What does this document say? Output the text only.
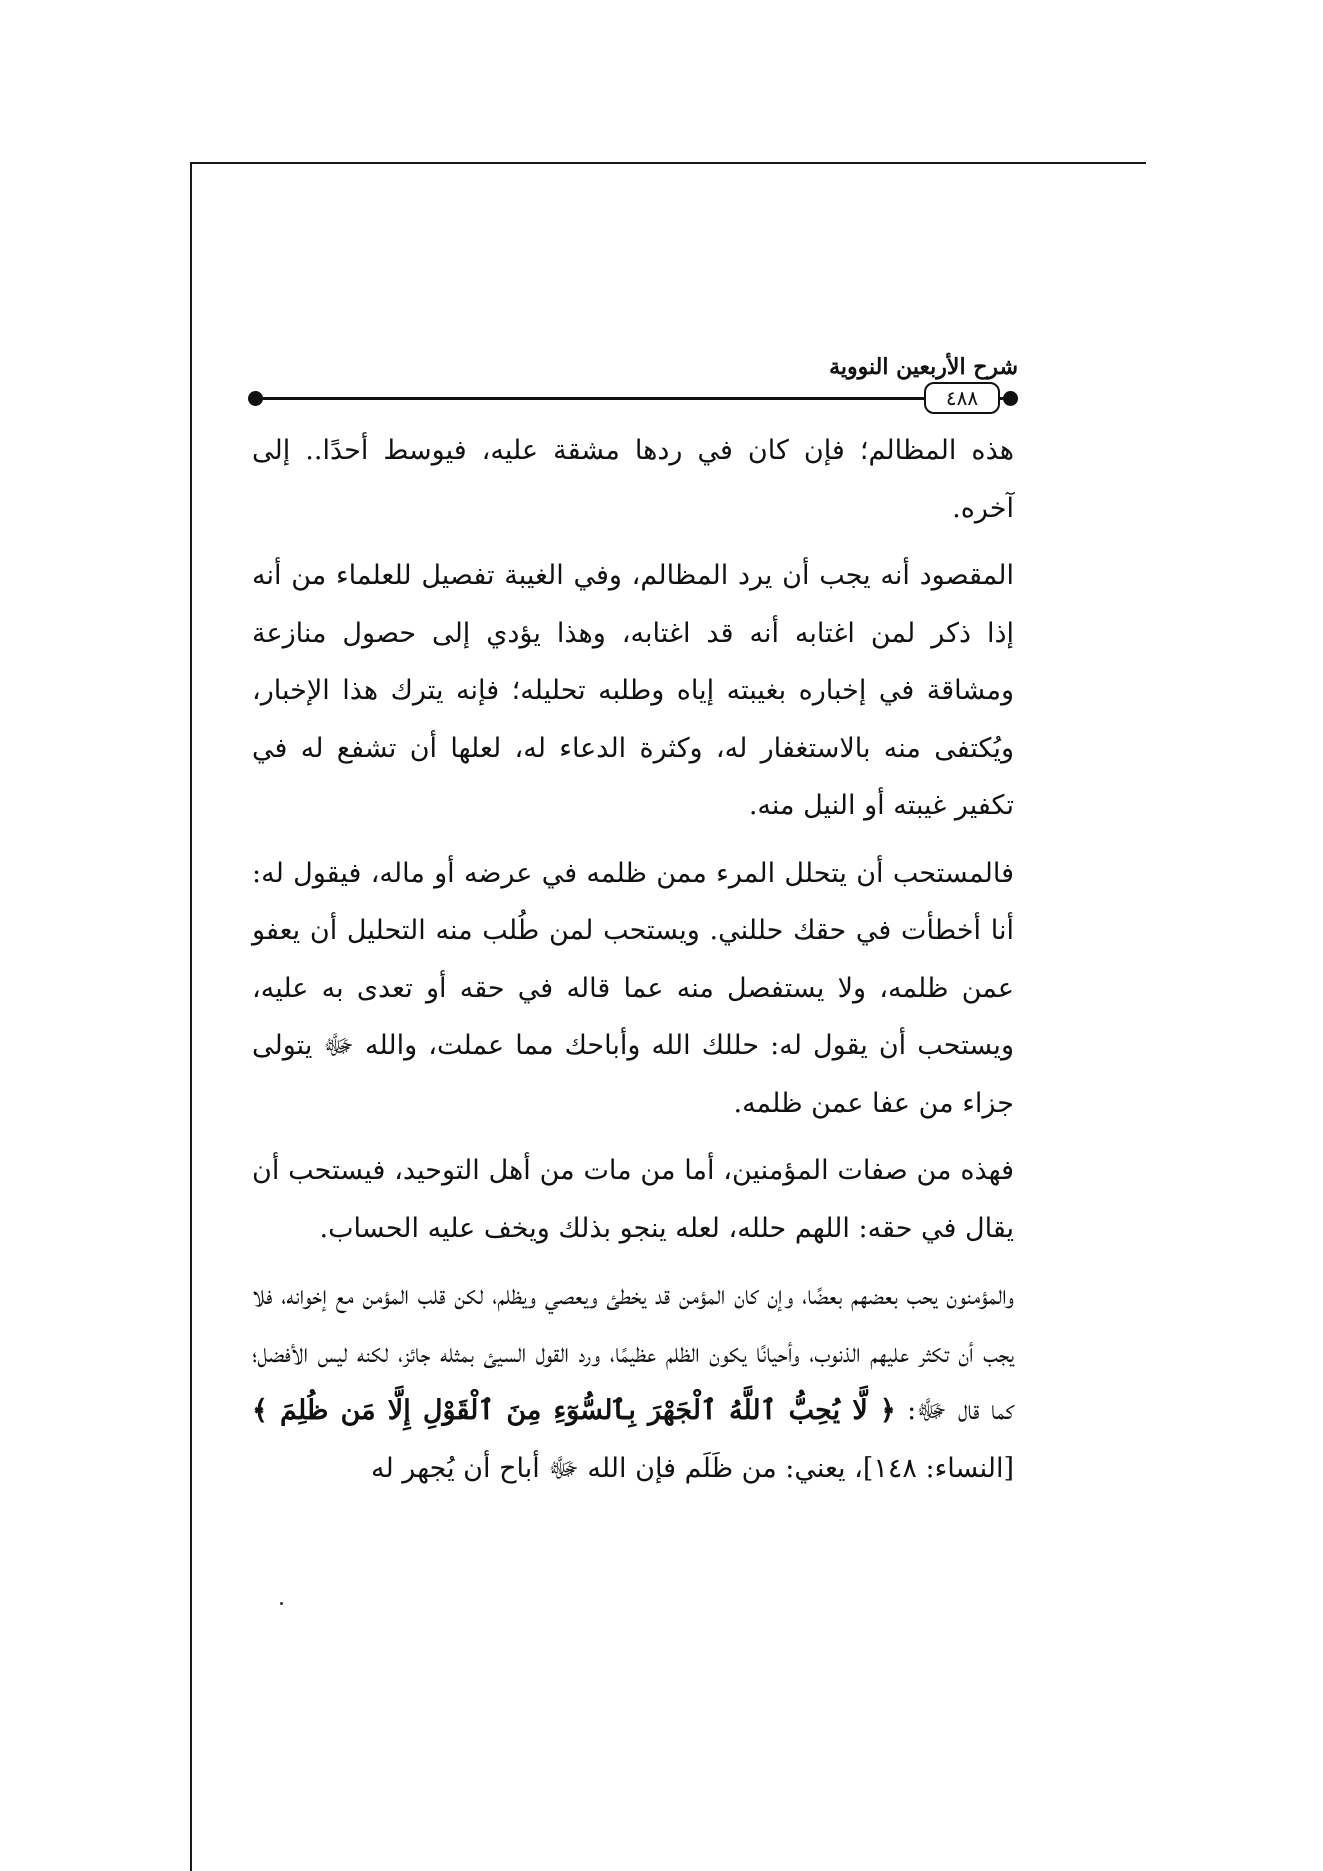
شرح الأربعين النووية
٤٨٨

هذه المظالم؛ فإن كان في ردها مشقة عليه، فيوسط أحدًا.. إلى آخره.

المقصود أنه يجب أن يرد المظالم، وفي الغيبة تفصيل للعلماء من أنه إذا ذكر لمن اغتابه أنه قد اغتابه، وهذا يؤدي إلى حصول منازعة ومشاقة في إخباره بغيبته إياه وطلبه تحليله؛ فإنه يترك هذا الإخبار، ويُكتفى منه بالاستغفار له، وكثرة الدعاء له، لعلها أن تشفع له في تكفير غيبته أو النيل منه.

فالمستحب أن يتحلل المرء ممن ظلمه في عرضه أو ماله، فيقول له: أنا أخطأت في حقك حللني. ويستحب لمن طُلب منه التحليل أن يعفو عمن ظلمه، ولا يستفصل منه عما قاله في حقه أو تعدى به عليه، ويستحب أن يقول له: حللك الله وأباحك مما عملت، والله ﷻ يتولى جزاء من عفا عمن ظلمه.

فهذه من صفات المؤمنين، أما من مات من أهل التوحيد، فيستحب أن يقال في حقه: اللهم حلله، لعله ينجو بذلك ويخف عليه الحساب.

والمؤمنون يحب بعضهم بعضًا، وإن كان المؤمن قد يخطئ ويعصي ويظلم، لكن قلب المؤمن مع إخوانه، فلا يجب أن تكثر عليهم الذنوب، وأحيانًا يكون الظلم عظيمًا، ورد القول السيئ بمثله جائز، لكنه ليس الأفضل؛ كما قال ﷻ: ﴿ لَّا يُحِبُّ ٱللَّهُ ٱلْجَهْرَ بِٱلسُّوٓءِ مِنَ ٱلْقَوْلِ إِلَّا مَن ظُلِمَ ﴾ [النساء: ١٤٨]، يعني: من ظَلَم فإن الله ﷻ أباح أن يُجهر له
